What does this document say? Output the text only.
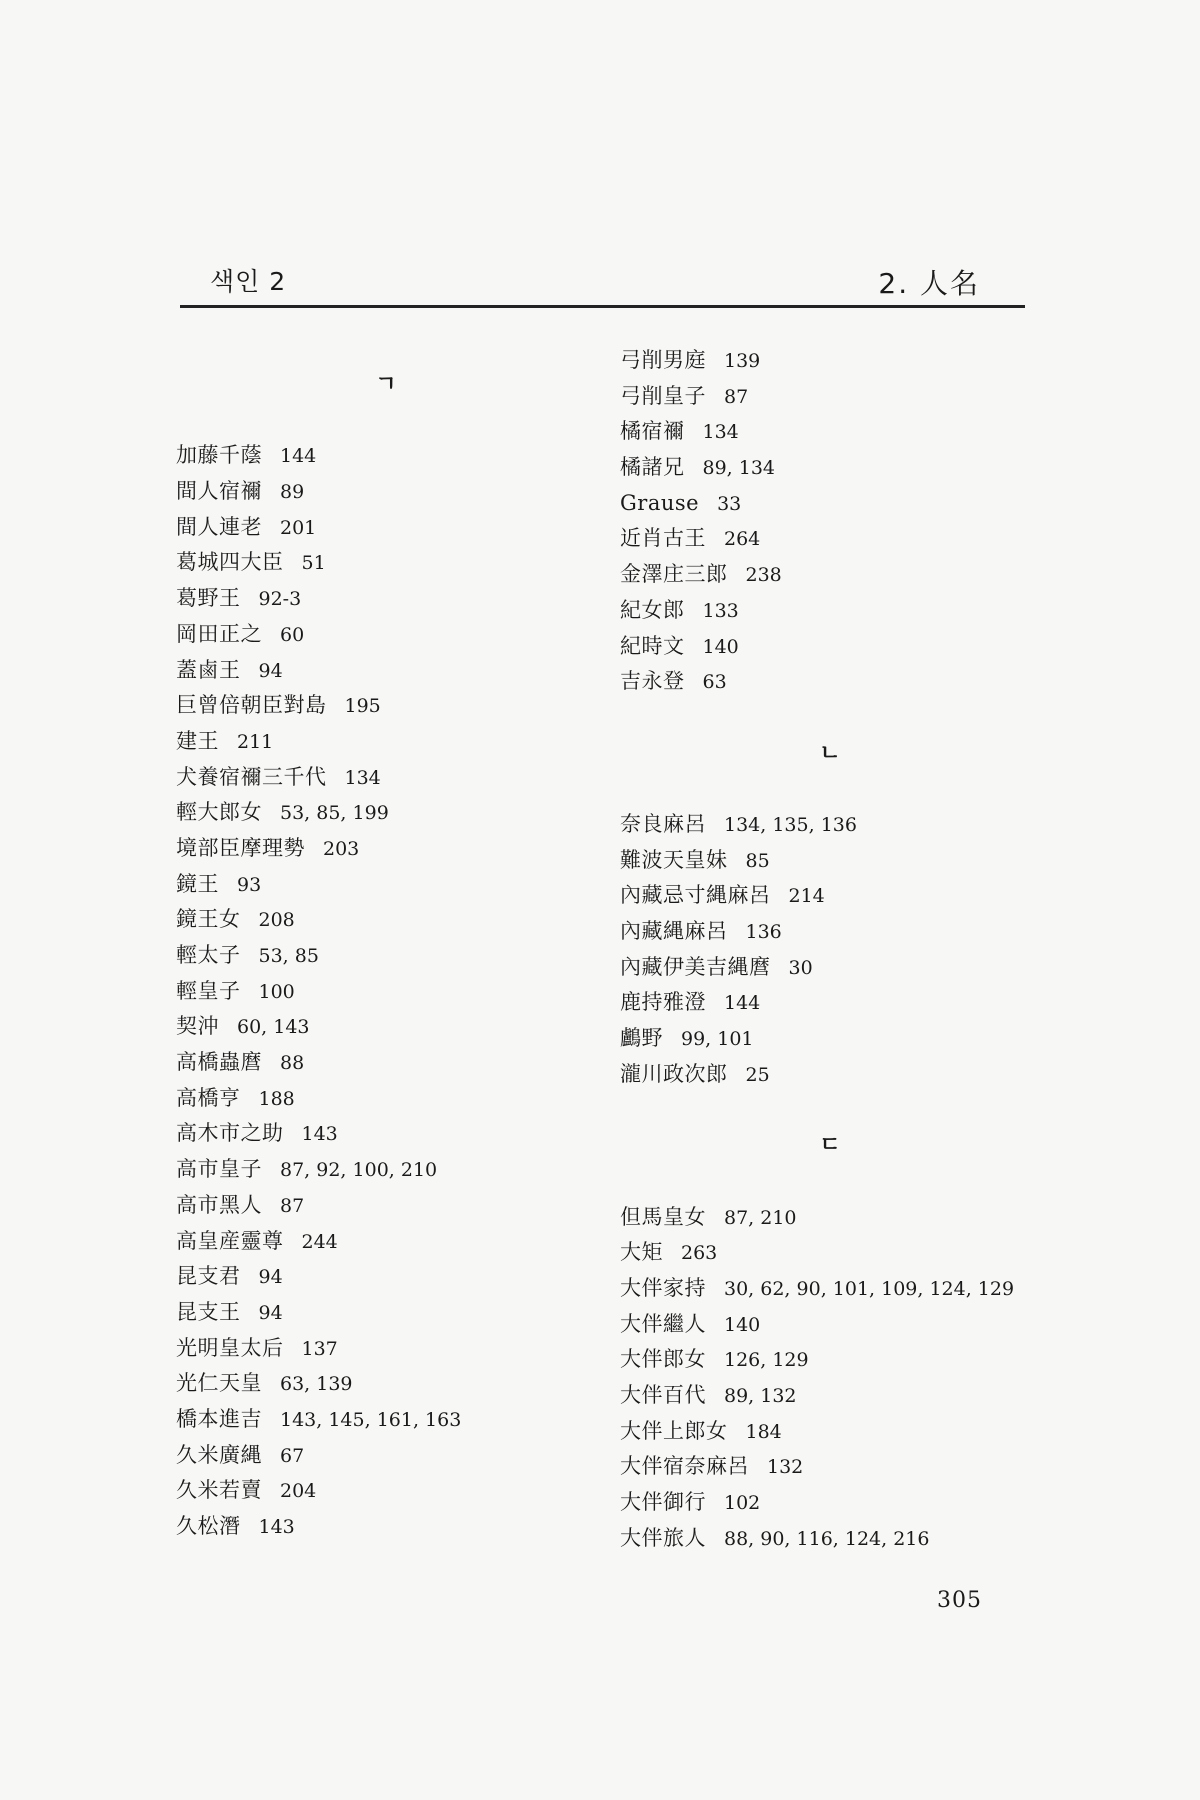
색인 2	2. 人名
ㄱ
加藤千蔭 144
間人宿禰 89
間人連老 201
葛城四大臣 51
葛野王 92-3
岡田正之 60
蓋鹵王 94
巨曾倍朝臣對島 195
建王 211
犬養宿禰三千代 134
輕大郎女 53, 85, 199
境部臣摩理勢 203
鏡王 93
鏡王女 208
輕太子 53, 85
輕皇子 100
契沖 60, 143
高橋蟲麿 88
高橋亨 188
高木市之助 143
高市皇子 87, 92, 100, 210
高市黑人 87
高皇産靈尊 244
昆支君 94
昆支王 94
光明皇太后 137
光仁天皇 63, 139
橋本進吉 143, 145, 161, 163
久米廣縄 67
久米若賣 204
久松潛 143
弓削男庭 139
弓削皇子 87
橘宿禰 134
橘諸兄 89, 134
Grause 33
近肖古王 264
金澤庄三郎 238
紀女郎 133
紀時文 140
吉永登 63
ㄴ
奈良麻呂 134, 135, 136
難波天皇妹 85
內藏忌寸縄麻呂 214
內藏縄麻呂 136
內藏伊美吉縄麿 30
鹿持雅澄 144
鸕野 99, 101
瀧川政次郎 25
ㄷ
但馬皇女 87, 210
大矩 263
大伴家持 30, 62, 90, 101, 109, 124, 129
大伴繼人 140
大伴郎女 126, 129
大伴百代 89, 132
大伴上郎女 184
大伴宿奈麻呂 132
大伴御行 102
大伴旅人 88, 90, 116, 124, 216
305
